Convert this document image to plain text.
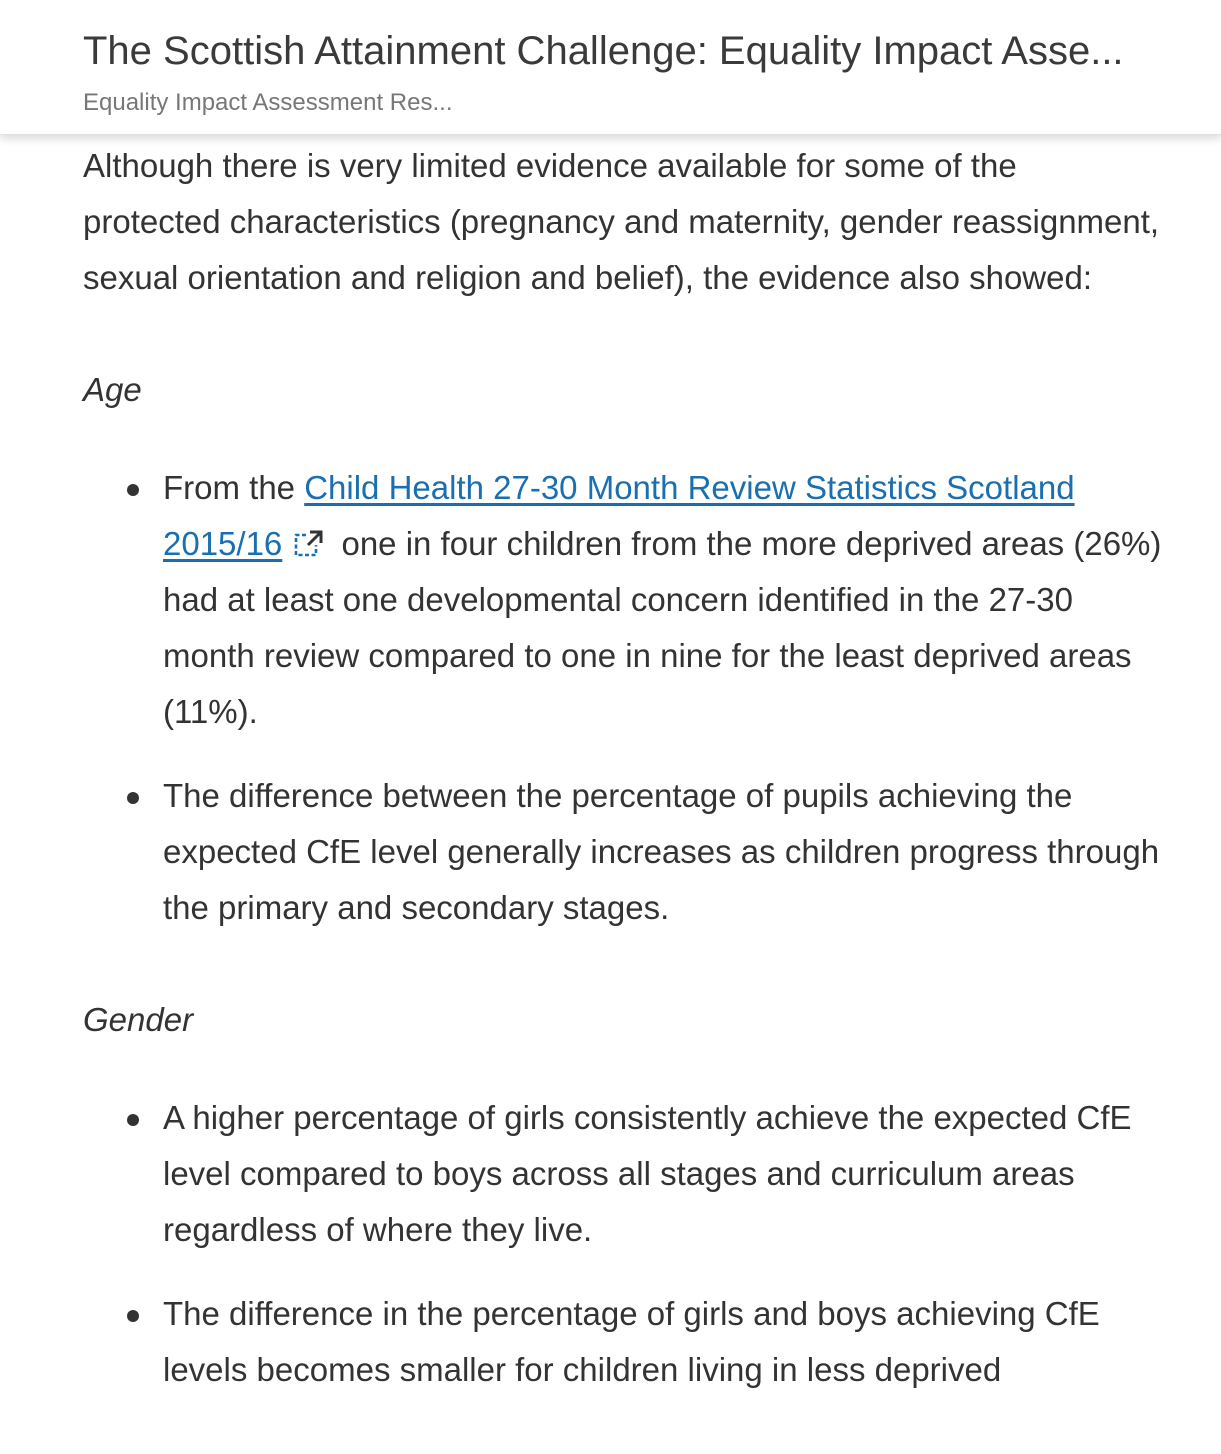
The Scottish Attainment Challenge: Equality Impact Asse...
Equality Impact Assessment Res...

Although there is very limited evidence available for some of the protected characteristics (pregnancy and maternity, gender reassignment, sexual orientation and religion and belief), the evidence also showed:

Age

From the Child Health 27-30 Month Review Statistics Scotland 2015/16
one in four children from the more deprived areas (26%) had at least one developmental concern identified in the 27-30 month review compared to one in nine for the least deprived areas (11%).
The difference between the percentage of pupils achieving the expected CfE level generally increases as children progress through the primary and secondary stages.

Gender

A higher percentage of girls consistently achieve the expected CfE level compared to boys across all stages and curriculum areas regardless of where they live.
The difference in the percentage of girls and boys achieving CfE levels becomes smaller for children living in less deprived
